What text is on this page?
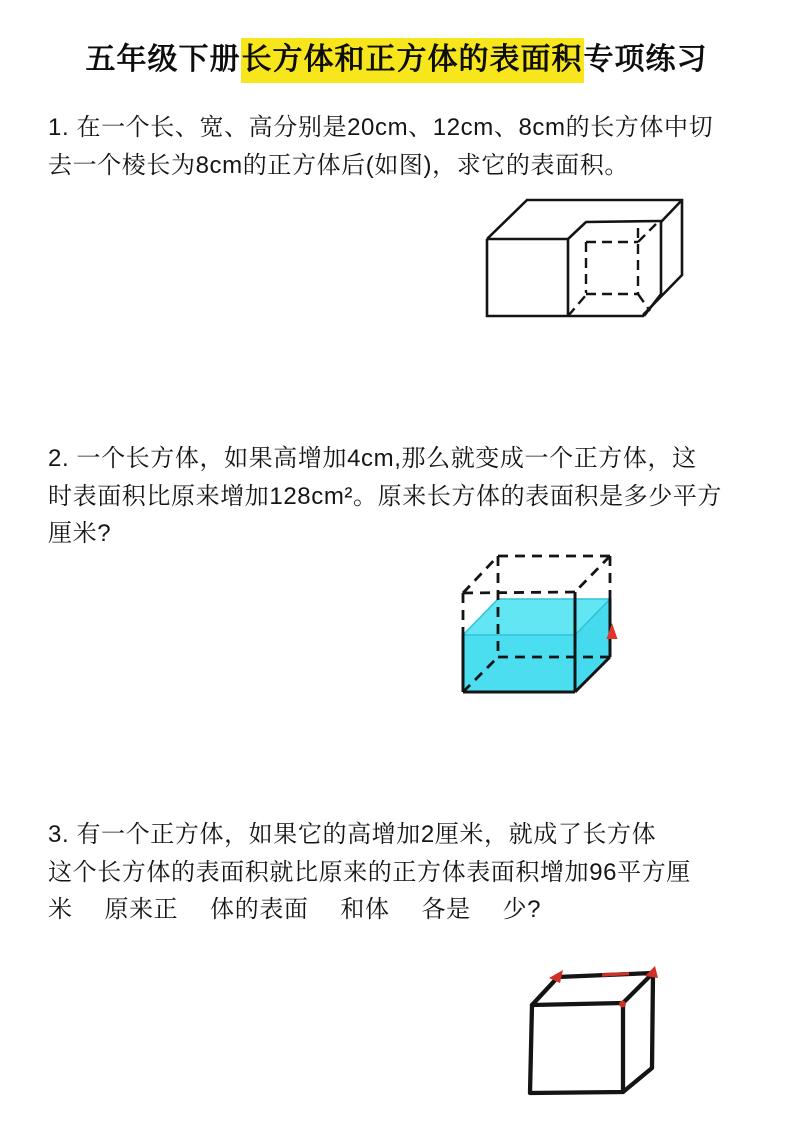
五年级下册长方体和正方体的表面积专项练习
1. 在一个长、宽、高分别是20cm、12cm、8cm的长方体中切
去一个棱长为8cm的正方体后(如图)，求它的表面积。
2. 一个长方体，如果高增加4cm,那么就变成一个正方体，这
时表面积比原来增加128cm²。原来长方体的表面积是多少平方
厘米?
3. 有一个正方体，如果它的高增加2厘米，就成了长方体
这个长方体的表面积就比原来的正方体表面积增加96平方厘
米　 原来正　 体的表面　 和体　 各是　 少?
